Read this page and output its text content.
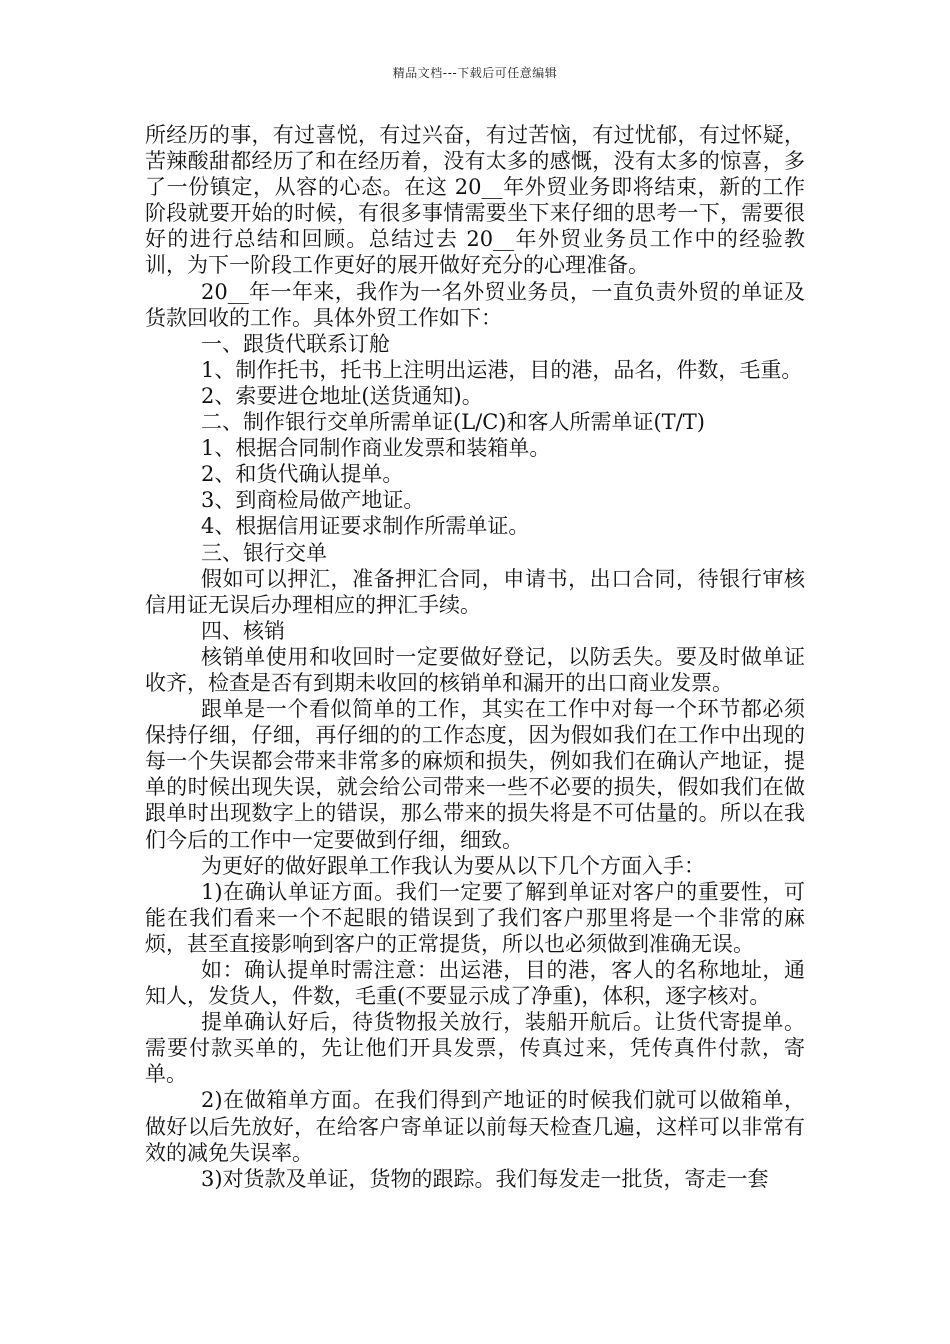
精品文档---下载后可任意编辑

所经历的事，有过喜悦，有过兴奋，有过苦恼，有过忧郁，有过怀疑，苦辣酸甜都经历了和在经历着，没有太多的感慨，没有太多的惊喜，多了一份镇定，从容的心态。在这 20__年外贸业务即将结束，新的工作阶段就要开始的时候，有很多事情需要坐下来仔细的思考一下，需要很好的进行总结和回顾。总结过去 20__年外贸业务员工作中的经验教训，为下一阶段工作更好的展开做好充分的心理准备。

20__年一年来，我作为一名外贸业务员，一直负责外贸的单证及货款回收的工作。具体外贸工作如下：

一、跟货代联系订舱

1、制作托书，托书上注明出运港，目的港，品名，件数，毛重。

2、索要进仓地址(送货通知)。

二、制作银行交单所需单证(L/C)和客人所需单证(T/T)

1、根据合同制作商业发票和装箱单。

2、和货代确认提单。

3、到商检局做产地证。

4、根据信用证要求制作所需单证。

三、银行交单

假如可以押汇，准备押汇合同，申请书，出口合同，待银行审核信用证无误后办理相应的押汇手续。

四、核销

核销单使用和收回时一定要做好登记，以防丢失。要及时做单证收齐，检查是否有到期未收回的核销单和漏开的出口商业发票。

跟单是一个看似简单的工作，其实在工作中对每一个环节都必须保持仔细，仔细，再仔细的的工作态度，因为假如我们在工作中出现的每一个失误都会带来非常多的麻烦和损失，例如我们在确认产地证，提单的时候出现失误，就会给公司带来一些不必要的损失，假如我们在做跟单时出现数字上的错误，那么带来的损失将是不可估量的。所以在我们今后的工作中一定要做到仔细，细致。

为更好的做好跟单工作我认为要从以下几个方面入手：

1)在确认单证方面。我们一定要了解到单证对客户的重要性，可能在我们看来一个不起眼的错误到了我们客户那里将是一个非常的麻烦，甚至直接影响到客户的正常提货，所以也必须做到准确无误。

如：确认提单时需注意：出运港，目的港，客人的名称地址，通知人，发货人，件数，毛重(不要显示成了净重)，体积，逐字核对。

提单确认好后，待货物报关放行，装船开航后。让货代寄提单。需要付款买单的，先让他们开具发票，传真过来，凭传真件付款，寄单。

2)在做箱单方面。在我们得到产地证的时候我们就可以做箱单，做好以后先放好，在给客户寄单证以前每天检查几遍，这样可以非常有效的减免失误率。

3)对货款及单证，货物的跟踪。我们每发走一批货，寄走一套
